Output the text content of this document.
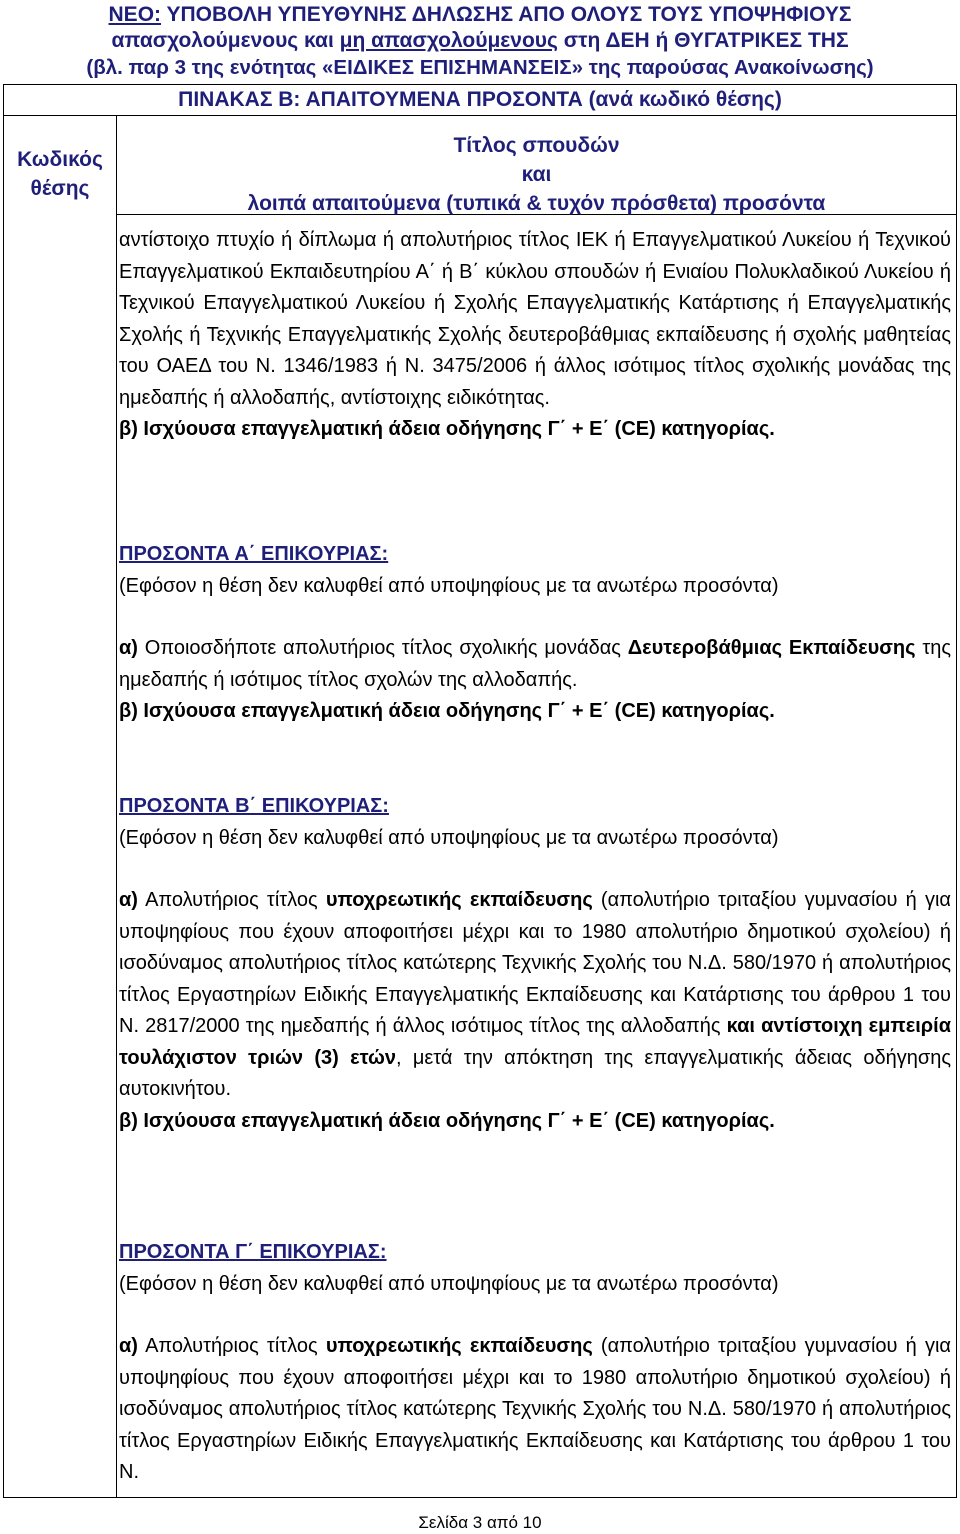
ΝΕΟ: ΥΠΟΒΟΛΗ ΥΠΕΥΘΥΝΗΣ ΔΗΛΩΣΗΣ ΑΠΟ ΟΛΟΥΣ ΤΟΥΣ ΥΠΟΨΗΦΙΟΥΣ
απασχολούμενους και μη απασχολούμενους στη ΔΕΗ ή ΘΥΓΑΤΡΙΚΕΣ ΤΗΣ
(βλ. παρ 3 της ενότητας «ΕΙΔΙΚΕΣ ΕΠΙΣΗΜΑΝΣΕΙΣ» της παρούσας Ανακοίνωσης)
ΠΙΝΑΚΑΣ Β: ΑΠΑΙΤΟΥΜΕΝΑ ΠΡΟΣΟΝΤΑ (ανά κωδικό θέσης)
Κωδικός
θέσης
Τίτλος σπουδών
και
λοιπά απαιτούμενα (τυπικά & τυχόν πρόσθετα) προσόντα

αντίστοιχο πτυχίο ή δίπλωμα ή απολυτήριος τίτλος ΙΕΚ ή Επαγγελματικού Λυκείου ή Τεχνικού Επαγγελματικού Εκπαιδευτηρίου Α΄ ή Β΄ κύκλου σπουδών ή Ενιαίου Πολυκλαδικού Λυκείου ή Τεχνικού Επαγγελματικού Λυκείου ή Σχολής Επαγγελματικής Κατάρτισης ή Επαγγελματικής Σχολής ή Τεχνικής Επαγγελματικής Σχολής δευτεροβάθμιας εκπαίδευσης ή σχολής μαθητείας του ΟΑΕΔ του Ν. 1346/1983 ή Ν. 3475/2006 ή άλλος ισότιμος τίτλος σχολικής μονάδας της ημεδαπής ή αλλοδαπής, αντίστοιχης ειδικότητας.

β) Ισχύουσα επαγγελματική άδεια οδήγησης Γ΄ + Ε΄ (CE) κατηγορίας.

ΠΡΟΣΟΝΤΑ Α΄ ΕΠΙΚΟΥΡΙΑΣ:

(Εφόσον η θέση δεν καλυφθεί από υποψηφίους με τα ανωτέρω προσόντα)

α) Οποιοσδήποτε απολυτήριος τίτλος σχολικής μονάδας Δευτεροβάθμιας Εκπαίδευσης της ημεδαπής ή ισότιμος τίτλος σχολών της αλλοδαπής.

β) Ισχύουσα επαγγελματική άδεια οδήγησης Γ΄ + Ε΄ (CE) κατηγορίας.

ΠΡΟΣΟΝΤΑ Β΄ ΕΠΙΚΟΥΡΙΑΣ:

(Εφόσον η θέση δεν καλυφθεί από υποψηφίους με τα ανωτέρω προσόντα)

α) Απολυτήριος τίτλος υποχρεωτικής εκπαίδευσης (απολυτήριο τριταξίου γυμνασίου ή για υποψηφίους που έχουν αποφοιτήσει μέχρι και το 1980 απολυτήριο δημοτικού σχολείου) ή ισοδύναμος απολυτήριος τίτλος κατώτερης Τεχνικής Σχολής του Ν.Δ. 580/1970 ή απολυτήριος τίτλος Εργαστηρίων Ειδικής Επαγγελματικής Εκπαίδευσης και Κατάρτισης του άρθρου 1 του Ν. 2817/2000 της ημεδαπής ή άλλος ισότιμος τίτλος της αλλοδαπής και αντίστοιχη εμπειρία τουλάχιστον τριών (3) ετών, μετά την απόκτηση της επαγγελματικής άδειας οδήγησης αυτοκινήτου.

β) Ισχύουσα επαγγελματική άδεια οδήγησης Γ΄ + Ε΄ (CE) κατηγορίας.

ΠΡΟΣΟΝΤΑ Γ΄ ΕΠΙΚΟΥΡΙΑΣ:

(Εφόσον η θέση δεν καλυφθεί από υποψηφίους με τα ανωτέρω προσόντα)

α) Απολυτήριος τίτλος υποχρεωτικής εκπαίδευσης (απολυτήριο τριταξίου γυμνασίου ή για υποψηφίους που έχουν αποφοιτήσει μέχρι και το 1980 απολυτήριο δημοτικού σχολείου) ή ισοδύναμος απολυτήριος τίτλος κατώτερης Τεχνικής Σχολής του Ν.Δ. 580/1970 ή απολυτήριος τίτλος Εργαστηρίων Ειδικής Επαγγελματικής Εκπαίδευσης και Κατάρτισης του άρθρου 1 του Ν.

Σελίδα 3 από 10
